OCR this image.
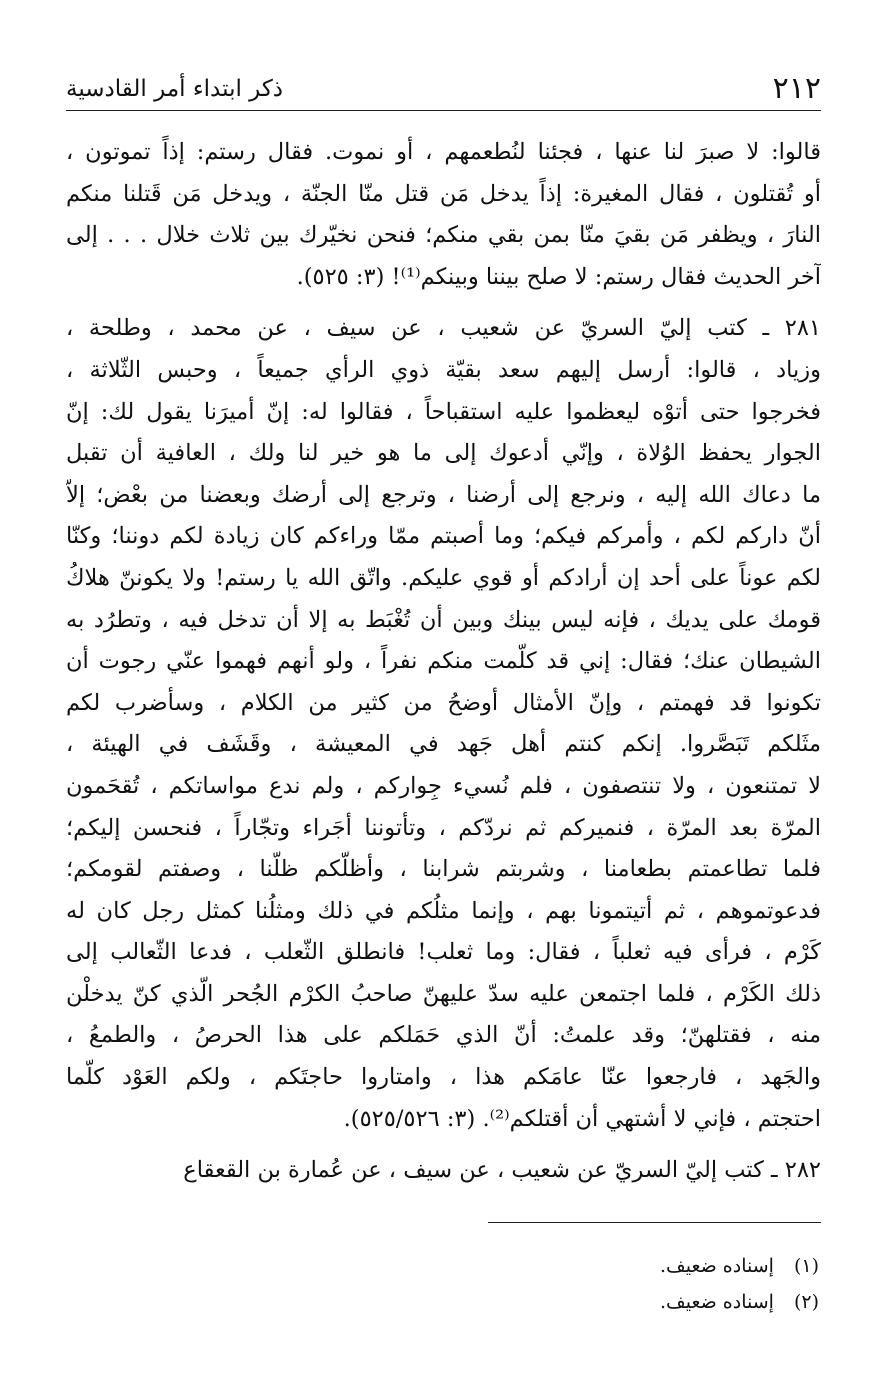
٢١٢
ذكر ابتداء أمر القادسية
قالوا: لا صبرَ لنا عنها ، فجئنا لنُطعمهم ، أو نموت. فقال رستم: إذاً تموتون ،
أو تُقتلون ، فقال المغيرة: إذاً يدخل مَن قتل منّا الجنّة ، ويدخل مَن قَتلنا منكم
النارَ ، ويظفر مَن بقيَ منّا بمن بقي منكم؛ فنحن نخيّرك بين ثلاث خلال . . . إلى
آخر الحديث فقال رستم: لا صلح بيننا وبينكم⁽¹⁾! (٣: ٥٢٥).
٢٨١ ـ كتب إليّ السريّ عن شعيب ، عن سيف ، عن محمد ، وطلحة ،
وزياد ، قالوا: أرسل إليهم سعد بقيّة ذوي الرأي جميعاً ، وحبس الثّلاثة ،
فخرجوا حتى أتوْه ليعظموا عليه استقباحاً ، فقالوا له: إنّ أميرَنا يقول لك: إنّ
الجوار يحفظ الوُلاة ، وإنّي أدعوك إلى ما هو خير لنا ولك ، العافية أن تقبل
ما دعاك الله إليه ، ونرجع إلى أرضنا ، وترجع إلى أرضك وبعضنا من بعْض؛ إلاّ
أنّ داركم لكم ، وأمركم فيكم؛ وما أصبتم ممّا وراءكم كان زيادة لكم دوننا؛ وكنّا
لكم عوناً على أحد إن أرادكم أو قوي عليكم. واتّق الله يا رستم! ولا يكوننّ هلاكُ
قومك على يديك ، فإنه ليس بينك وبين أن تُغْبَط به إلا أن تدخل فيه ، وتطرُد به
الشيطان عنك؛ فقال: إني قد كلّمت منكم نفراً ، ولو أنهم فهموا عنّي رجوت أن
تكونوا قد فهمتم ، وإنّ الأمثال أوضحُ من كثير من الكلام ، وسأضرب لكم
مثَلكم تَبَصَّروا. إنكم كنتم أهل جَهد في المعيشة ، وقَشَف في الهيئة ،
لا تمتنعون ، ولا تنتصفون ، فلم نُسيء جِواركم ، ولم ندع مواساتكم ، تُقحَمون
المرّة بعد المرّة ، فنميركم ثم نردّكم ، وتأتوننا أجَراء وتجّاراً ، فنحسن إليكم؛
فلما تطاعمتم بطعامنا ، وشربتم شرابنا ، وأظلّكم ظلّنا ، وصفتم لقومكم؛
فدعوتموهم ، ثم أتيتمونا بهم ، وإنما مثلُكم في ذلك ومثلُنا كمثل رجل كان له
كَرْم ، فرأى فيه ثعلباً ، فقال: وما ثعلب! فانطلق الثّعلب ، فدعا الثّعالب إلى
ذلك الكَرْم ، فلما اجتمعن عليه سدّ عليهنّ صاحبُ الكرْم الجُحر الّذي كنّ يدخلْن
منه ، فقتلهنّ؛ وقد علمتُ: أنّ الذي حَمَلكم على هذا الحرصُ ، والطمعُ ،
والجَهد ، فارجعوا عنّا عامَكم هذا ، وامتاروا حاجتَكم ، ولكم العَوْد كلّما
احتجتم ، فإني لا أشتهي أن أقتلكم⁽²⁾. (٣: ٥٢٥/٥٢٦).
٢٨٢ ـ كتب إليّ السريّ عن شعيب ، عن سيف ، عن عُمارة بن القعقاع
(١)إسناده ضعيف.
(٢)إسناده ضعيف.
